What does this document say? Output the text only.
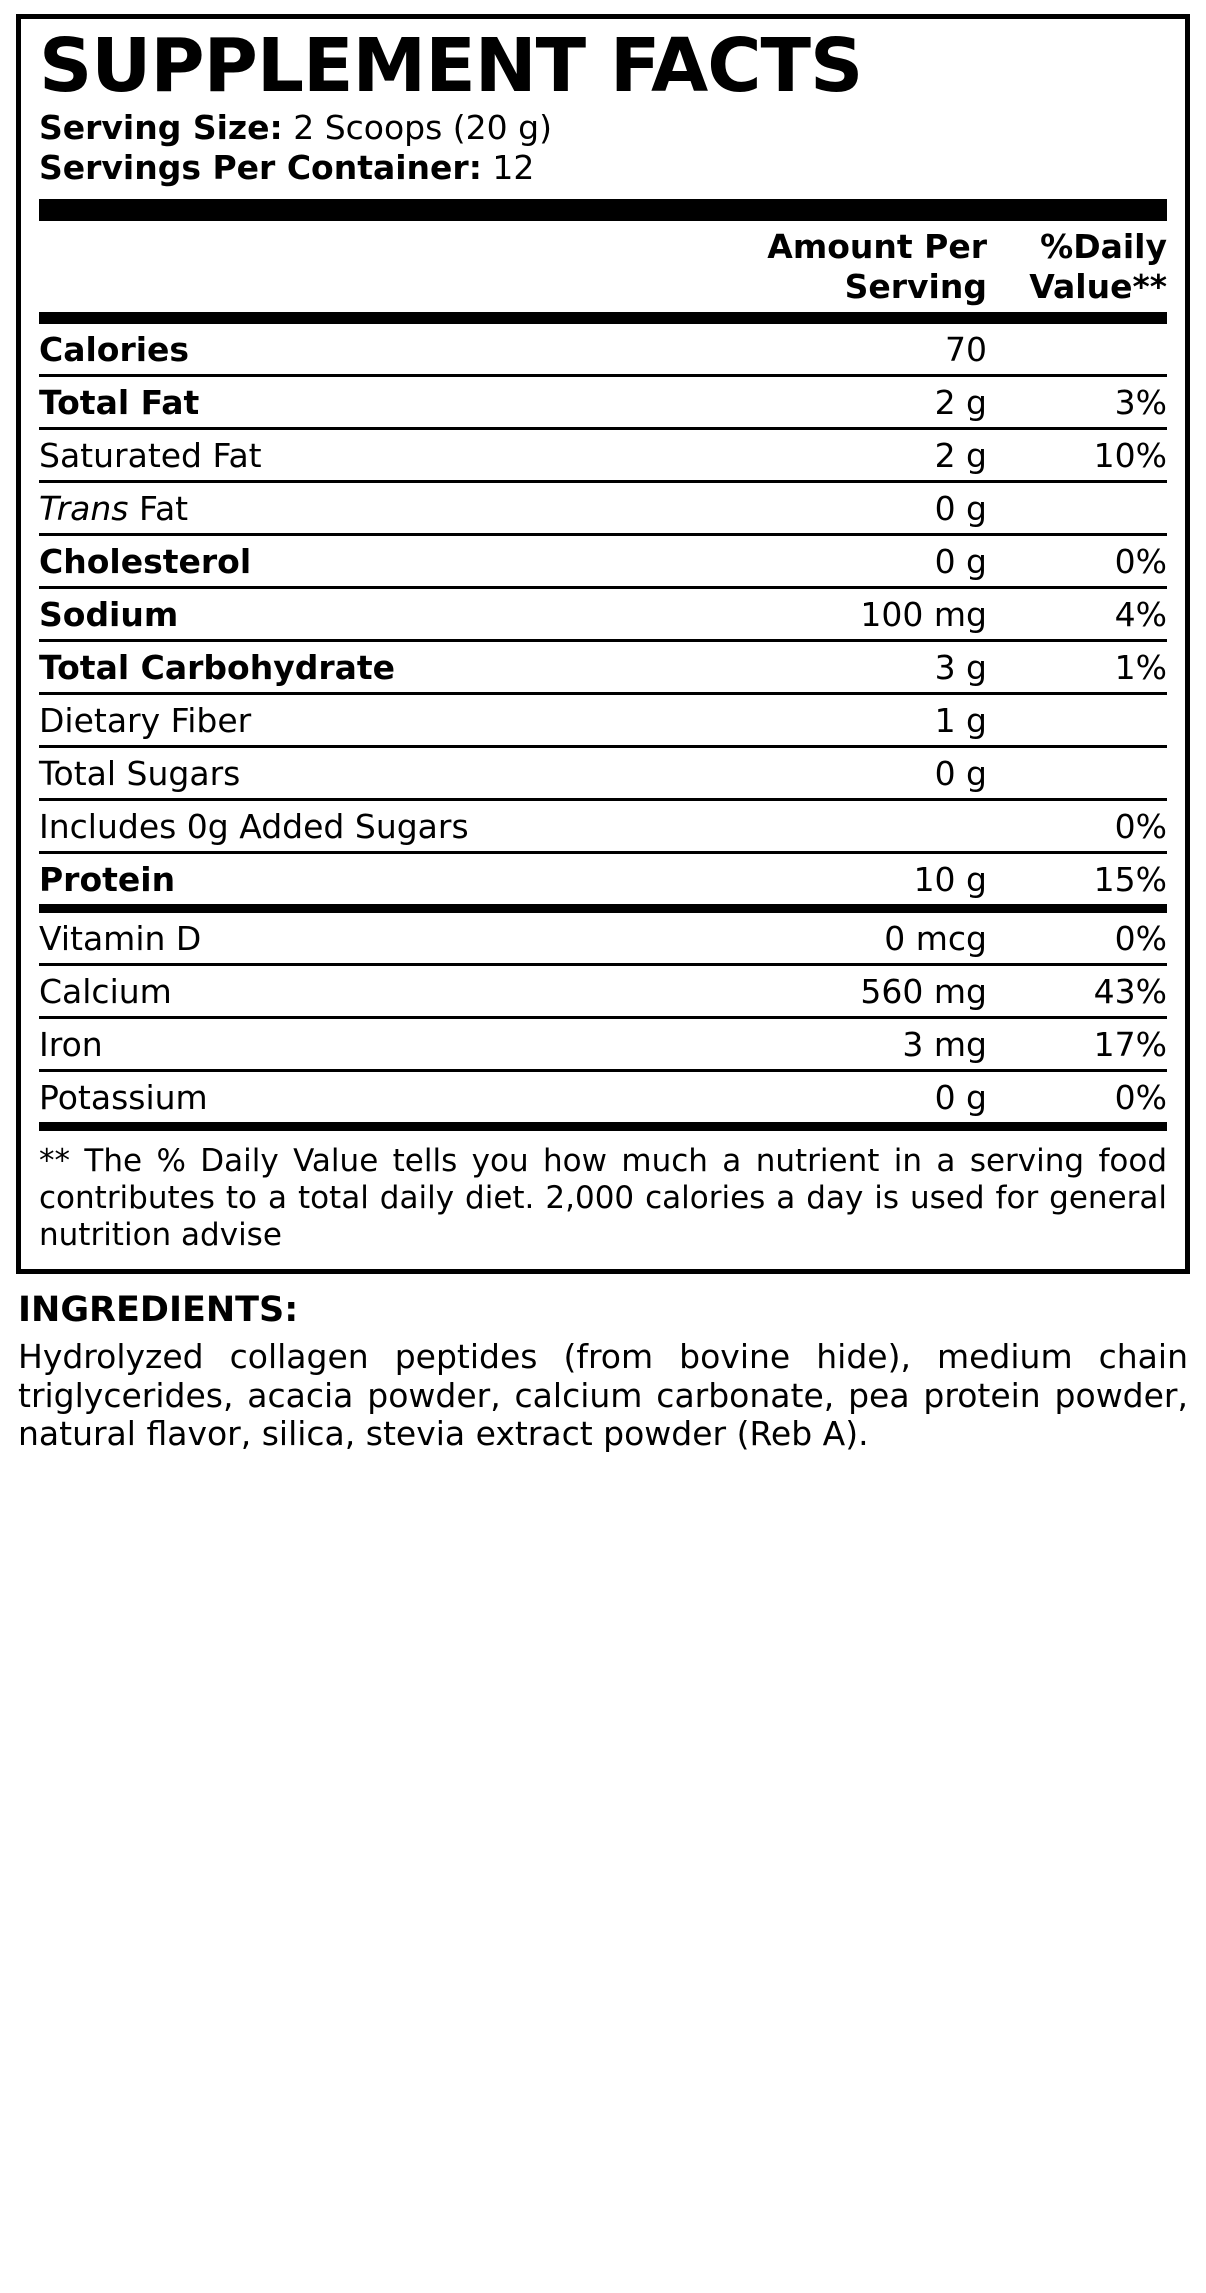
SUPPLEMENT FACTS
Serving Size: 2 Scoops (20 g)
Servings Per Container: 12

Amount Per
Serving

%Daily
Value**
Calories	70	
Total Fat	2 g	3%
Saturated Fat	2 g	10%
Trans Fat	0 g	
Cholesterol	0 g	0%
Sodium	100 mg	4%
Total Carbohydrate	3 g	1%
Dietary Fiber	1 g	
Total Sugars	0 g	
Includes 0g Added Sugars		0%
Protein	10 g	15%
Vitamin D	0 mcg	0%
Calcium	560 mg	43%
Iron	3 mg	17%
Potassium	0 g	0%
** The % Daily Value tells you how much a nutrient in a serving food contributes to a total daily diet. 2,000 calories a day is used for general nutrition advise
INGREDIENTS:
Hydrolyzed collagen peptides (from bovine hide), medium chain triglycerides, acacia powder, calcium carbonate, pea protein powder, natural flavor, silica, stevia extract powder (Reb A).
